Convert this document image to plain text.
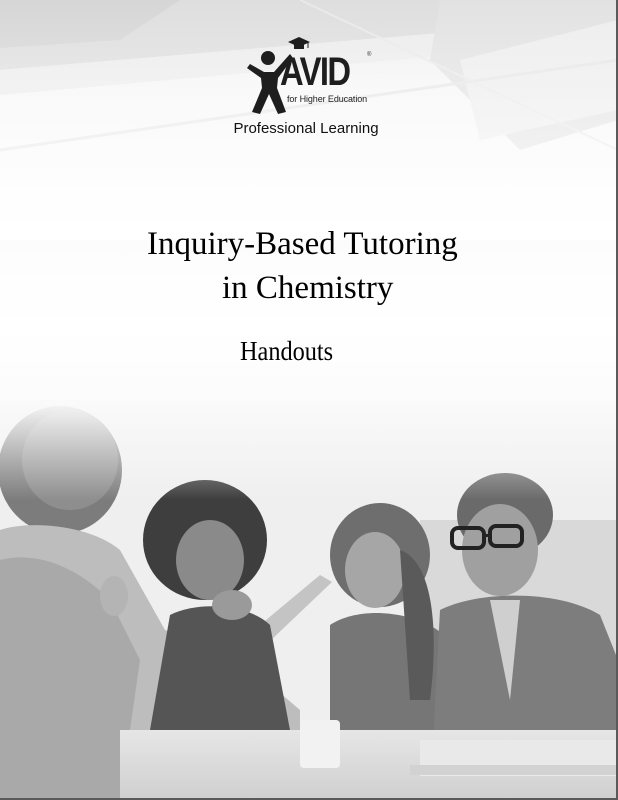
AVID	®
for Higher Education
Professional Learning
Inquiry-Based Tutoring
in Chemistry
Handouts
